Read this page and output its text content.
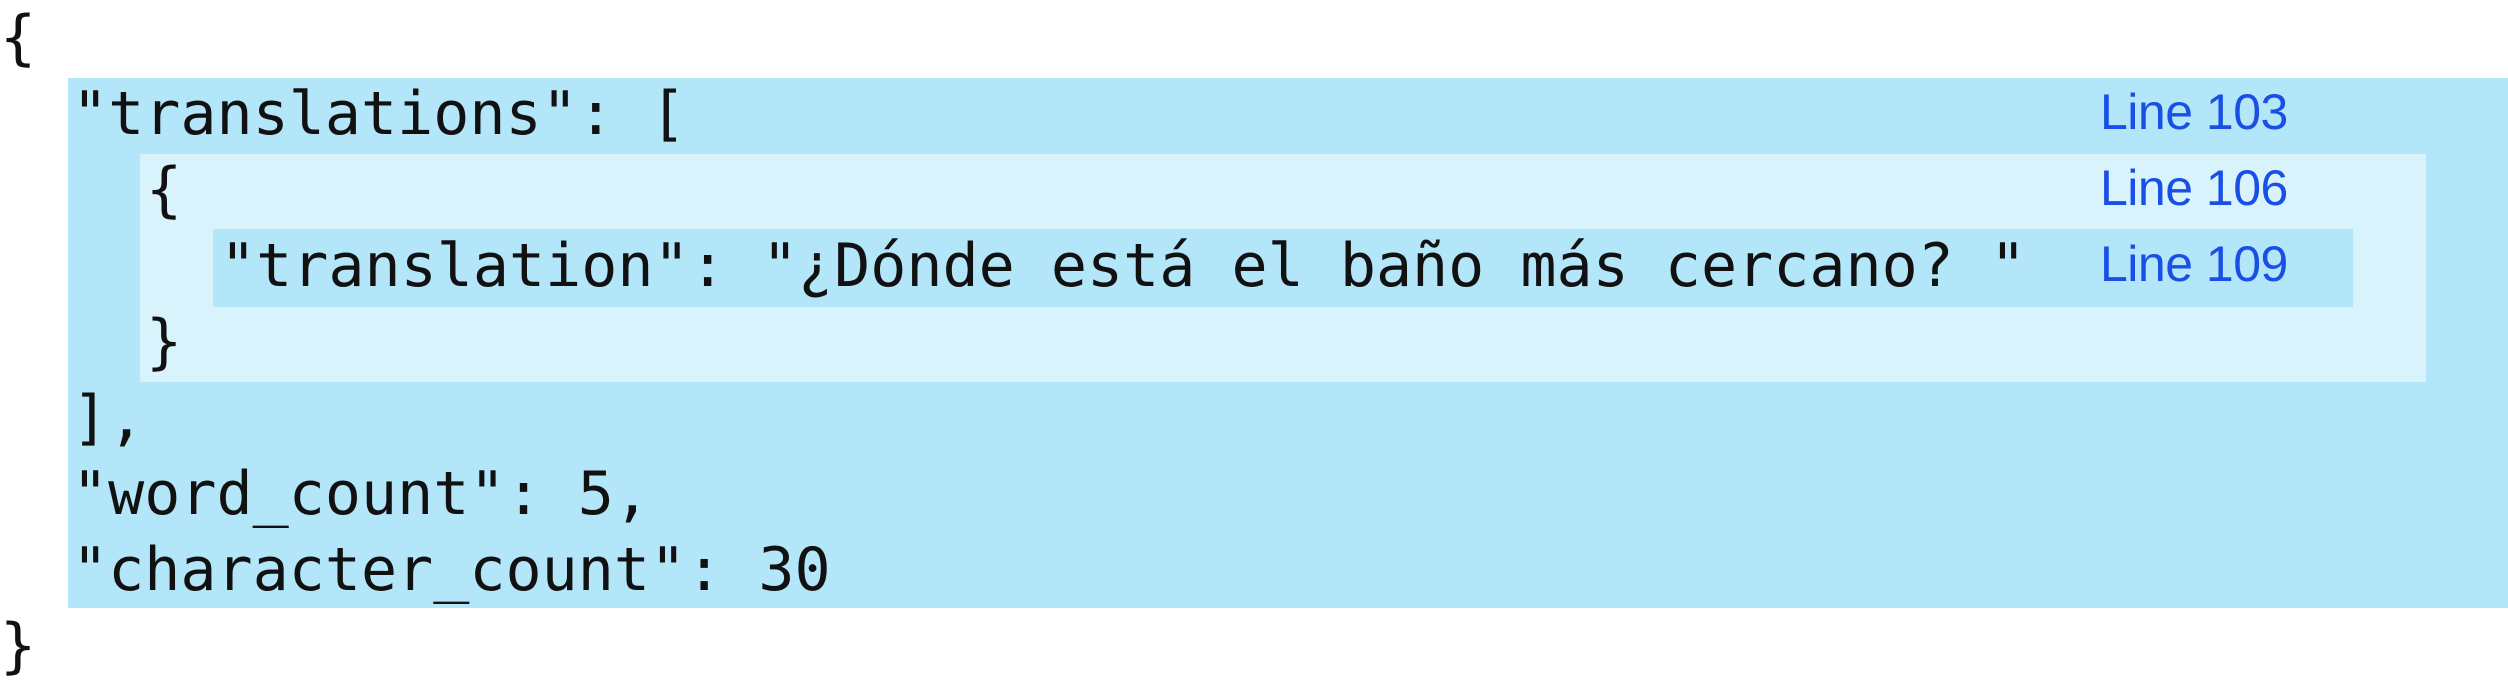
{
"translations": [
{
"translation": "¿Dónde está el baño más cercano? "
}
],
"word_count": 5,
"character_count": 30
}
Line 103
Line 106
Line 109
